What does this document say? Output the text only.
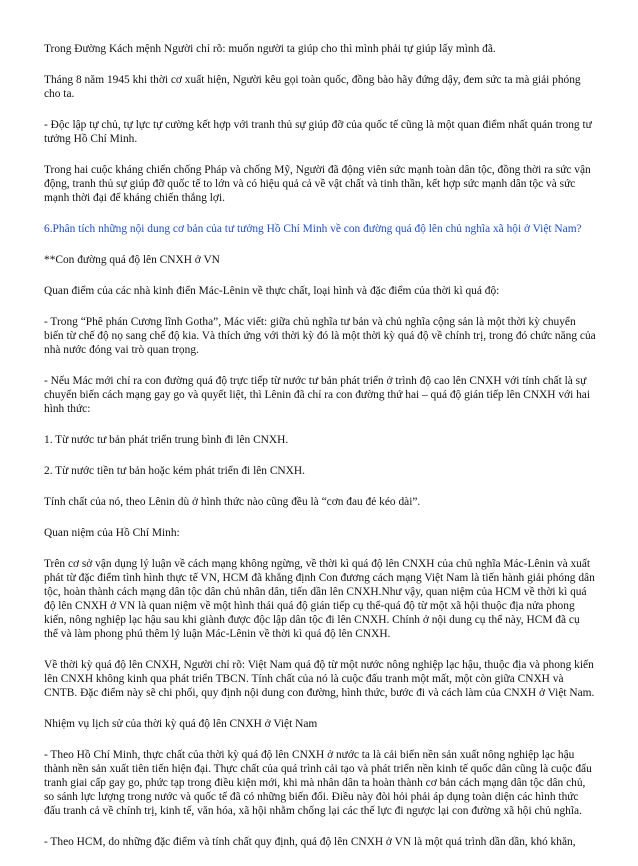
Trong Đường Kách mệnh Người chỉ rõ: muốn người ta giúp cho thì mình phải tự giúp lấy mình đã.

Tháng 8 năm 1945 khi thời cơ xuất hiện, Người kêu gọi toàn quốc, đồng bào hãy đứng dậy, đem sức ta mà giải phóng cho ta.

- Độc lập tự chủ, tự lực tự cường kết hợp với tranh thủ sự giúp đỡ của quốc tế cũng là một quan điểm nhất quán trong tư tưởng Hồ Chí Minh.

Trong hai cuộc kháng chiến chống Pháp và chống Mỹ, Người đã động viên sức mạnh toàn dân tộc, đồng thời ra sức vận động, tranh thủ sự giúp đỡ quốc tế to lớn và có hiệu quả cả về vật chất và tinh thần, kết hợp sức mạnh dân tộc và sức mạnh thời đại để kháng chiến thắng lợi.

6.Phân tích những nội dung cơ bản của tư tưởng Hồ Chí Minh về con đường quá độ lên chủ nghĩa xã hội ở Việt Nam?

**Con đường quá độ lên CNXH ở VN

Quan điểm của các nhà kinh điển Mác-Lênin về thực chất, loại hình và đặc điểm của thời kì quá độ:

- Trong “Phê phán Cương lĩnh Gotha”, Mác viết: giữa chủ nghĩa tư bản và chủ nghĩa cộng sản là một thời kỳ chuyển biến từ chế độ nọ sang chế độ kia. Và thích ứng với thời kỳ đó là một thời kỳ quá độ về chính trị, trong đó chức năng của nhà nước đóng vai trò quan trọng.

- Nếu Mác mới chỉ ra con đường quá độ trực tiếp từ nước tư bản phát triển ở trình độ cao lên CNXH với tính chất là sự chuyển biến cách mạng gay go và quyết liệt, thì Lênin đã chỉ ra con đường thứ hai – quá độ gián tiếp lên CNXH với hai hình thức:

1. Từ nước tư bản phát triển trung bình đi lên CNXH.

2. Từ nước tiền tư bản hoặc kém phát triển đi lên CNXH.

Tính chất của nó, theo Lênin dù ở hình thức nào cũng đều là “cơn đau đẻ kéo dài”.

Quan niệm của Hồ Chí Minh:

Trên cơ sở vận dụng lý luận về cách mạng không ngừng, về thời kì quá độ lên CNXH của chủ nghĩa Mác-Lênin và xuất phát từ đặc điểm tình hình thực tế VN, HCM đã khẳng định Con đương cách mạng Việt Nam là tiến hành giải phóng dân tộc, hoàn thành cách mạng dân tộc dân chủ nhân dân, tiến dần lên CNXH.Như vậy, quan niệm của HCM về thời kì quá độ lên CNXH ở VN là quan niệm về một hình thái quá độ gián tiếp cụ thể-quá độ từ một xã hội thuộc địa nửa phong kiến, nông nghiệp lạc hậu sau khi giành được độc lập dân tộc đi lên CNXH. Chính ở nội dung cụ thể này, HCM đã cụ thể và làm phong phú thêm lý luận Mác-Lênin về thời kì quá độ lên CNXH.

Về thời kỳ quá độ lên CNXH, Người chỉ rõ: Việt Nam quá độ từ một nước nông nghiệp lạc hậu, thuộc địa và phong kiến lên CNXH không kinh qua phát triển TBCN. Tính chất của nó là cuộc đấu tranh một mất, một còn giữa CNXH và CNTB. Đặc điểm này sẽ chi phối, quy định nội dung con đường, hình thức, bước đi và cách làm của CNXH ở Việt Nam.

Nhiệm vụ lịch sử của thời kỳ quá độ lên CNXH ở Việt Nam

- Theo Hồ Chí Minh, thực chất của thời kỳ quá độ lên CNXH ở nước ta là cải biến nền sản xuất nông nghiệp lạc hậu thành nền sản xuất tiên tiến hiện đại. Thực chất của quá trình cải tạo và phát triển nền kinh tế quốc dân cũng là cuộc đấu tranh giai cấp gay go, phức tạp trong điều kiện mới, khi mà nhân dân ta hoàn thành cơ bản cách mạng dân tộc dân chủ, so sánh lực lượng trong nước và quốc tế đã có những biến đổi. Điều này đòi hỏi phải áp dụng toàn diện các hình thức đấu tranh cả về chính trị, kinh tế, văn hóa, xã hội nhằm chống lại các thế lực đi ngược lại con đường xã hội chủ nghĩa.

- Theo HCM, do những đặc điểm và tính chất quy định, quá độ lên CNXH ở VN là một quá trình dần dần, khó khăn,
